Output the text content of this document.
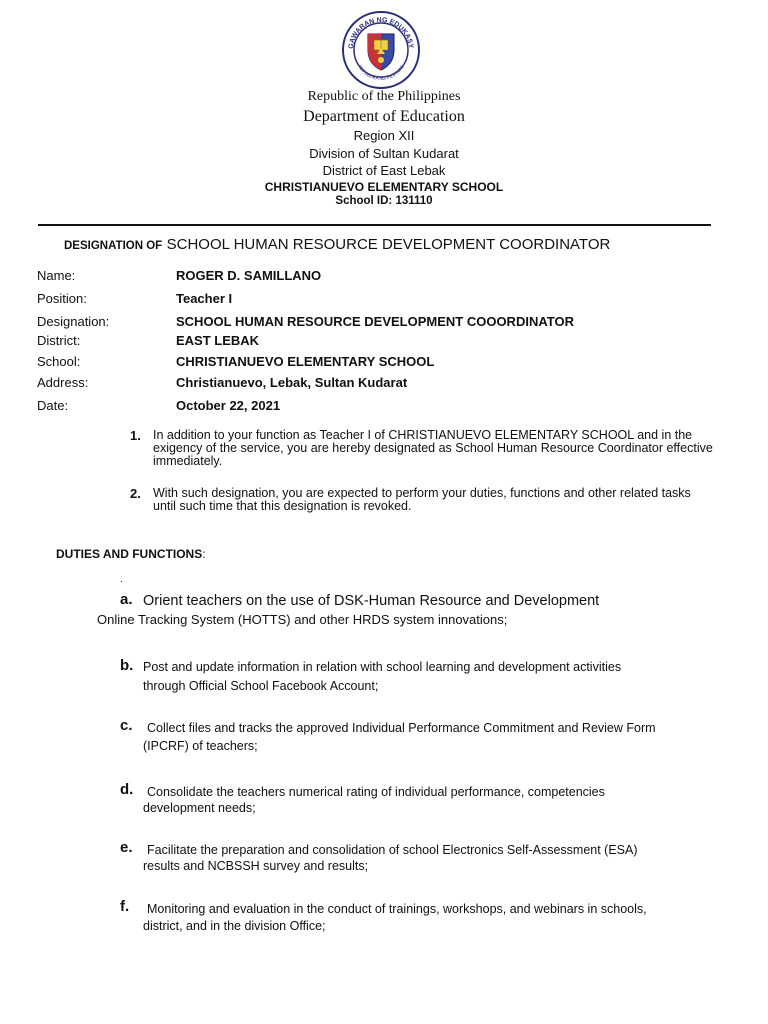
GAWARAN NG EDUKASY
REPUBLIKA NG PILIPINAS
Republic of the Philippines
Department of Education
Region XII
Division of Sultan Kudarat
District of East Lebak
CHRISTIANUEVO ELEMENTARY SCHOOL
School ID: 131110
DESIGNATION OF SCHOOL HUMAN RESOURCE DEVELOPMENT COORDINATOR
Name:	ROGER D. SAMILLANO
Position:	Teacher I
Designation:	SCHOOL HUMAN RESOURCE DEVELOPMENT COOORDINATOR
District:	EAST LEBAK
School:	CHRISTIANUEVO ELEMENTARY SCHOOL
Address:	Christianuevo, Lebak, Sultan Kudarat
Date:	October 22, 2021
1. In addition to your function as Teacher I of CHRISTIANUEVO ELEMENTARY SCHOOL and in the exigency of the service, you are hereby designated as School Human Resource Coordinator effective immediately.
2. With such designation, you are expected to perform your duties, functions and other related tasks until such time that this designation is revoked.
DUTIES AND FUNCTIONS:
.
a. Orient teachers on the use of DSK-Human Resource and Development
Online Tracking System (HOTTS) and other HRDS system innovations;
b. Post and update information in relation with school learning and development activities
through Official School Facebook Account;
c. Collect files and tracks the approved Individual Performance Commitment and Review Form
(IPCRF) of teachers;
d. Consolidate the teachers numerical rating of individual performance, competencies
development needs;
e. Facilitate the preparation and consolidation of school Electronics Self-Assessment (ESA)
results and NCBSSH survey and results;
f. Monitoring and evaluation in the conduct of trainings, workshops, and webinars in schools,
district, and in the division Office;
